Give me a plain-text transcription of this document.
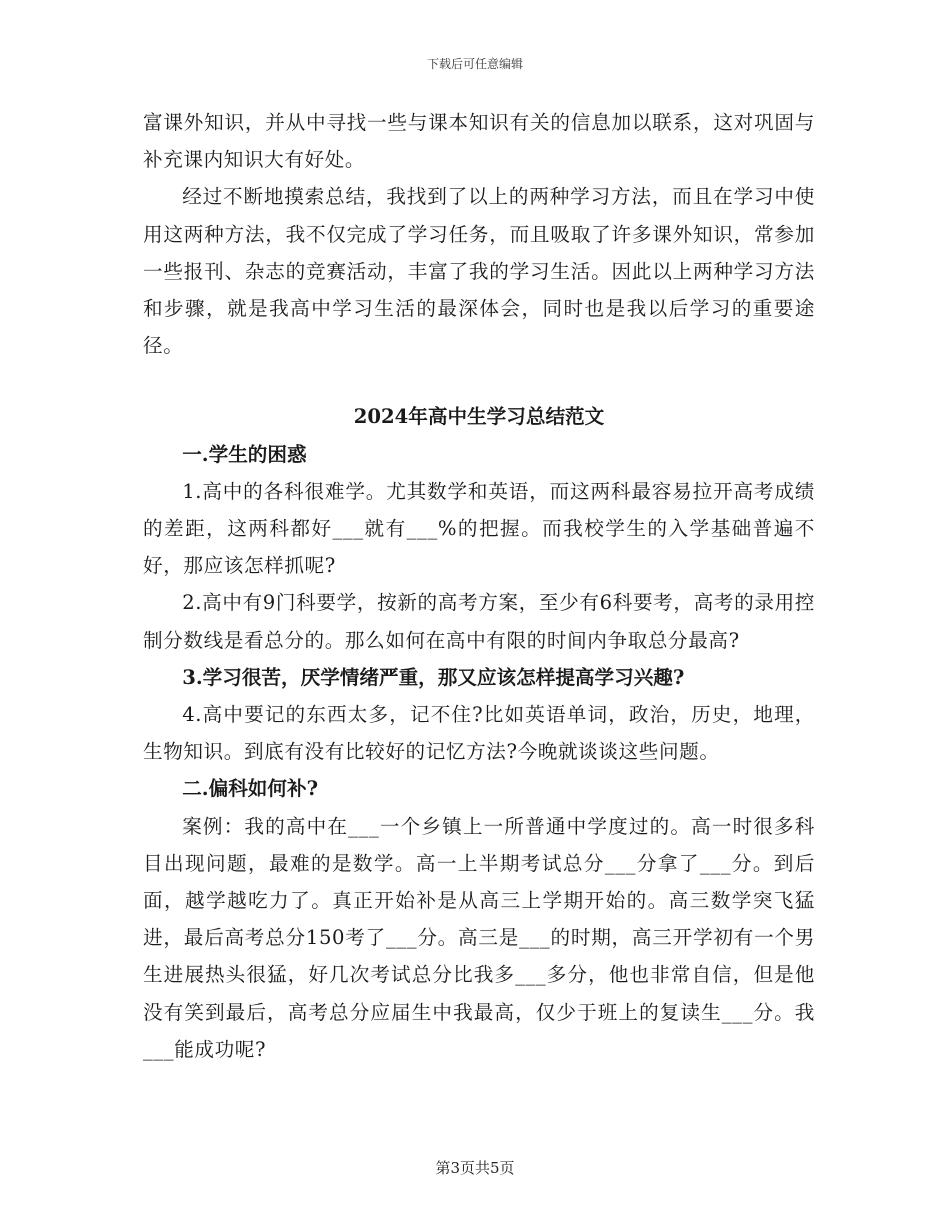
下载后可任意编辑

富课外知识，并从中寻找一些与课本知识有关的信息加以联系，这对巩固与补充课内知识大有好处。

经过不断地摸索总结，我找到了以上的两种学习方法，而且在学习中使用这两种方法，我不仅完成了学习任务，而且吸取了许多课外知识，常参加一些报刊、杂志的竞赛活动，丰富了我的学习生活。因此以上两种学习方法和步骤，就是我高中学习生活的最深体会，同时也是我以后学习的重要途径。

2024年高中生学习总结范文

一.学生的困惑

1.高中的各科很难学。尤其数学和英语，而这两科最容易拉开高考成绩的差距，这两科都好___就有___%的把握。而我校学生的入学基础普遍不好，那应该怎样抓呢?

2.高中有9门科要学，按新的高考方案，至少有6科要考，高考的录用控制分数线是看总分的。那么如何在高中有限的时间内争取总分最高?

3.学习很苦，厌学情绪严重，那又应该怎样提高学习兴趣?

4.高中要记的东西太多，记不住?比如英语单词，政治，历史，地理，生物知识。到底有没有比较好的记忆方法?今晚就谈谈这些问题。

二.偏科如何补?

案例：我的高中在___一个乡镇上一所普通中学度过的。高一时很多科目出现问题，最难的是数学。高一上半期考试总分___分拿了___分。到后面，越学越吃力了。真正开始补是从高三上学期开始的。高三数学突飞猛进，最后高考总分150考了___分。高三是___的时期，高三开学初有一个男生进展热头很猛，好几次考试总分比我多___多分，他也非常自信，但是他没有笑到最后，高考总分应届生中我最高，仅少于班上的复读生___分。我___能成功呢?

第3页共5页
